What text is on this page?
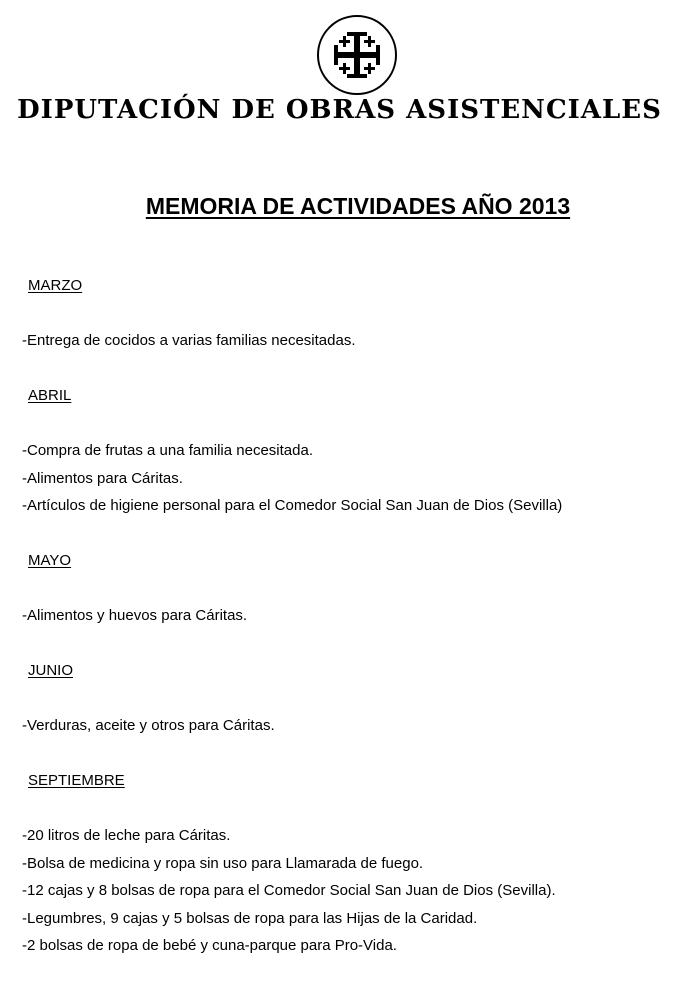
DIPUTACIÓN DE OBRAS ASISTENCIALES
MEMORIA DE ACTIVIDADES AÑO 2013
MARZO
-Entrega de cocidos a varias familias necesitadas.
ABRIL
-Compra de frutas a una familia necesitada.
-Alimentos para Cáritas.
-Artículos de higiene personal para el Comedor Social San Juan de Dios (Sevilla)
MAYO
-Alimentos y huevos para Cáritas.
JUNIO
-Verduras, aceite y otros para Cáritas.
SEPTIEMBRE
-20 litros de leche para Cáritas.
-Bolsa de medicina y ropa sin uso para Llamarada de fuego.
-12 cajas y 8 bolsas de ropa para el Comedor Social San Juan de Dios (Sevilla).
-Legumbres, 9 cajas y 5 bolsas de ropa para las Hijas de la Caridad.
-2 bolsas de ropa de bebé y cuna-parque para Pro-Vida.
